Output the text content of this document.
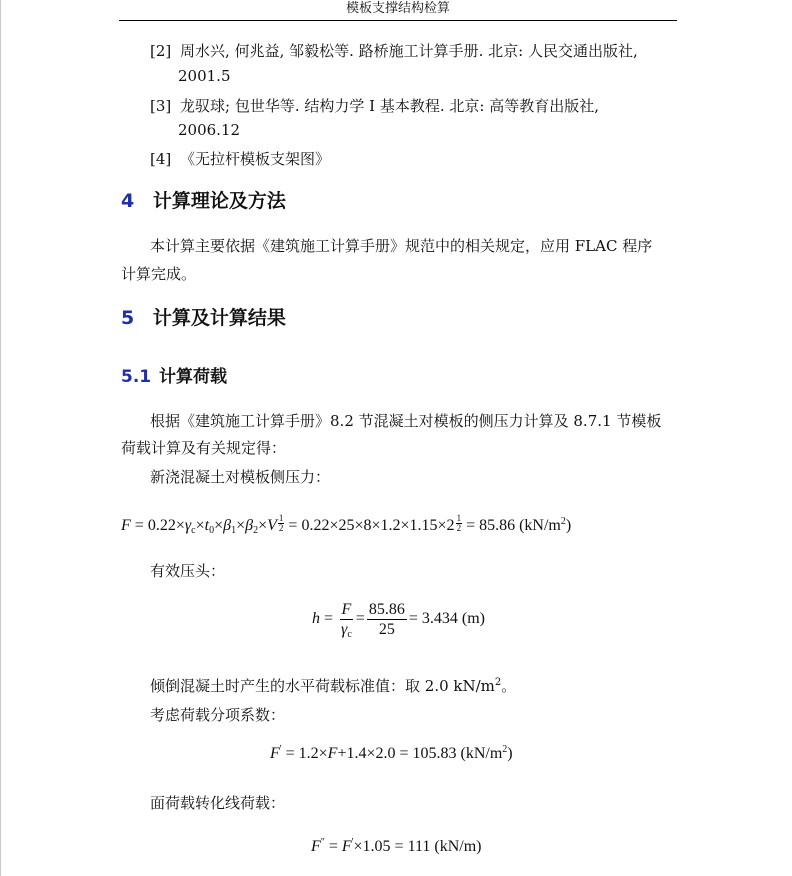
模板支撑结构检算
[2] 周水兴, 何兆益, 邹毅松等. 路桥施工计算手册. 北京: 人民交通出版社,
2001.5
[3] 龙驭球; 包世华等. 结构力学 I 基本教程. 北京: 高等教育出版社,
2006.12
[4] 《无拉杆模板支架图》
4 计算理论及方法
本计算主要依据《建筑施工计算手册》规范中的相关规定，应用 FLAC 程序
计算完成。
5 计算及计算结果
5.1 计算荷载
根据《建筑施工计算手册》8.2 节混凝土对模板的侧压力计算及 8.7.1 节模板
荷载计算及有关规定得：
新浇混凝土对模板侧压力：
$F = 0.22\times\gamma_c\times t_0\times\beta_1\times\beta_2\times V \frac{1}{2} = 0.22\times 25\times 8\times 1.2\times 1.15\times 2 \frac{1}{2} = 85.86$ $(kN/m^2)$
有效压头：
$h = \frac{F}{\gamma_c} = \frac{85.86}{25} = 3.434$ (m)
倾倒混凝土时产生的水平荷载标准值：取 2.0 $kN/m^2$。
考虑荷载分项系数：
F' = 1.2×F+1.4×2.0 = 105.83 $(kN/m^2)$
面荷载转化线荷载：
F" = F'×1.05 = 111 (kN/m)
